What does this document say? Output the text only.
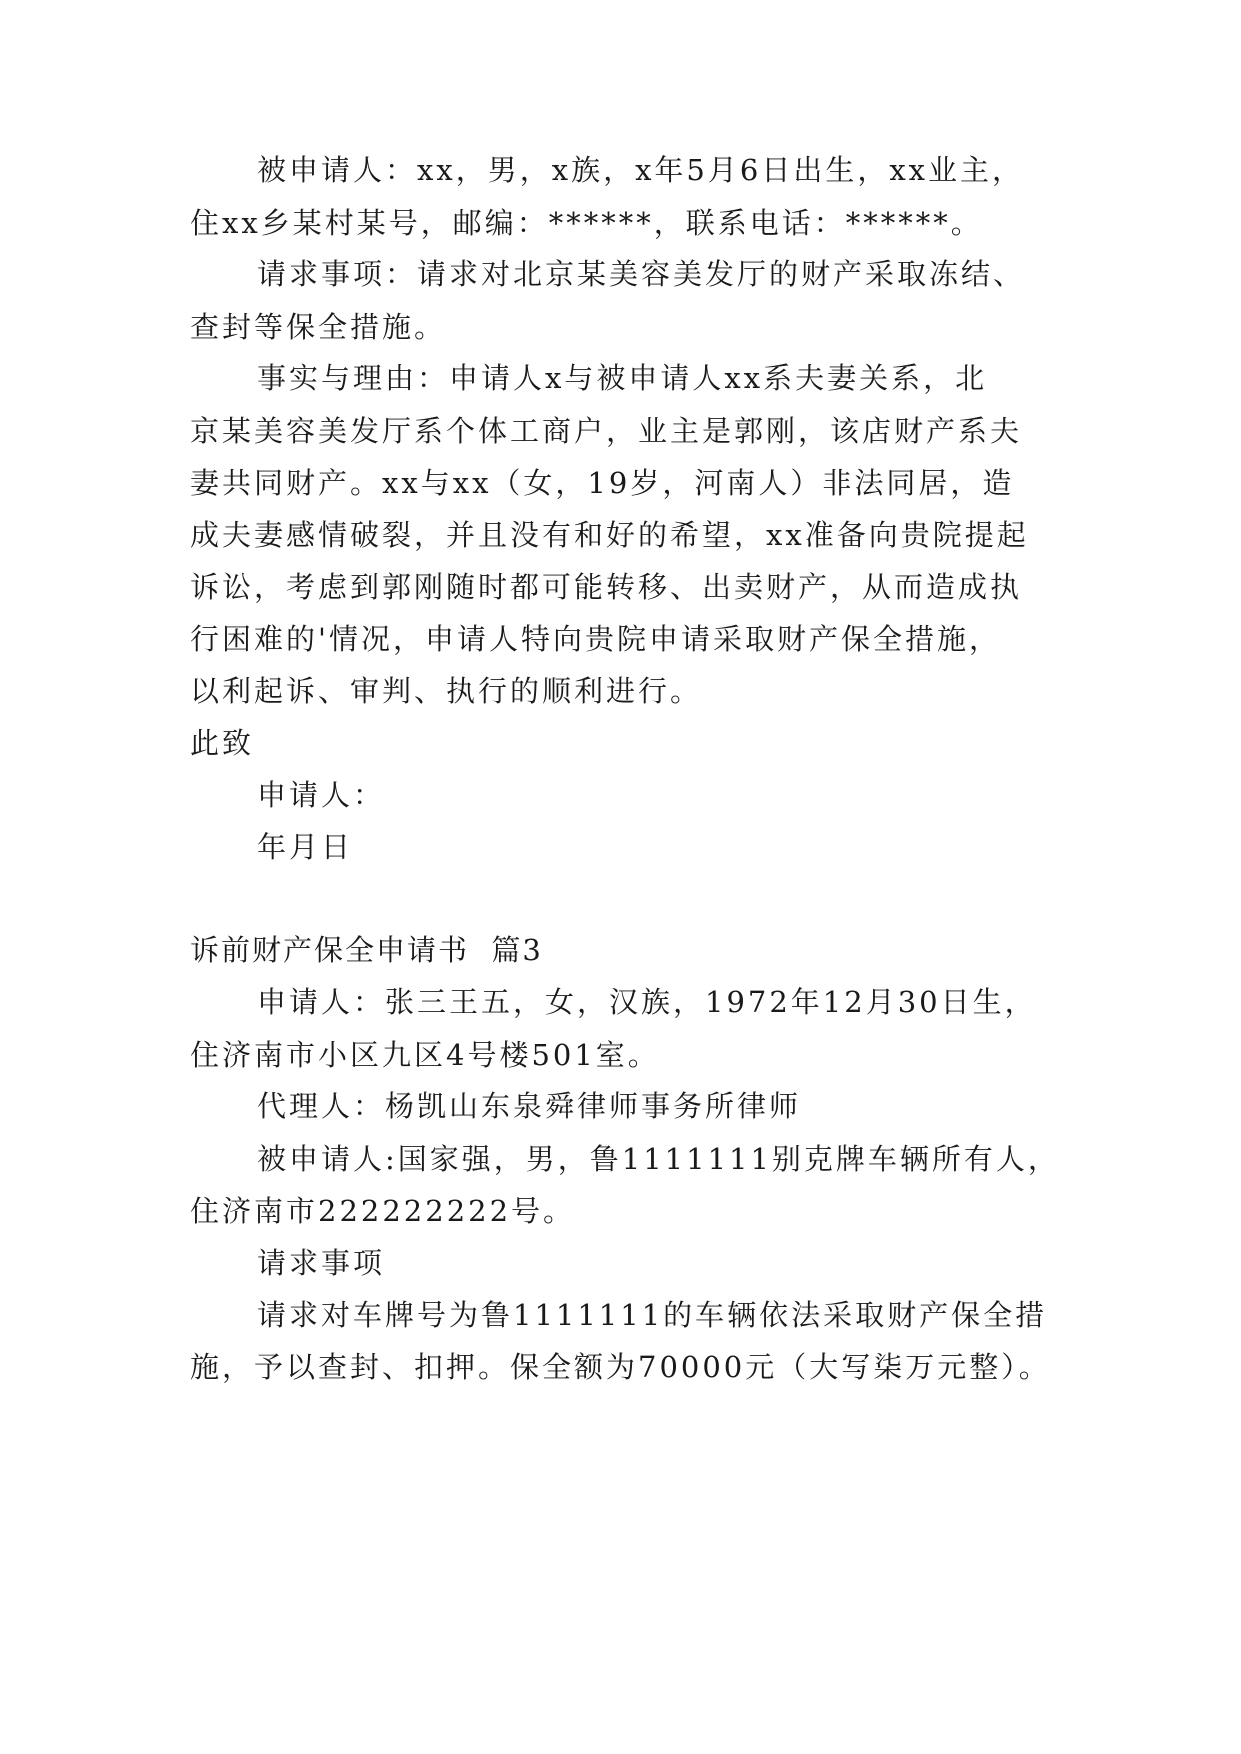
被申请人：xx，男，x族，x年5月6日出生，xx业主，
住xx乡某村某号，邮编：******，联系电话：******。
请求事项：请求对北京某美容美发厅的财产采取冻结、
查封等保全措施。
事实与理由：申请人x与被申请人xx系夫妻关系，北
京某美容美发厅系个体工商户，业主是郭刚，该店财产系夫
妻共同财产。xx与xx（女，19岁，河南人）非法同居，造
成夫妻感情破裂，并且没有和好的希望，xx准备向贵院提起
诉讼，考虑到郭刚随时都可能转移、出卖财产，从而造成执
行困难的'情况，申请人特向贵院申请采取财产保全措施，
以利起诉、审判、执行的顺利进行。
此致
申请人：
年月日
诉前财产保全申请书  篇3
申请人：张三王五，女，汉族，1972年12月30日生，
住济南市小区九区4号楼501室。
代理人：杨凯山东泉舜律师事务所律师
被申请人:国家强，男，鲁1111111别克牌车辆所有人，
住济南市222222222号。
请求事项
请求对车牌号为鲁1111111的车辆依法采取财产保全措
施，予以查封、扣押。保全额为70000元（大写柒万元整）。
